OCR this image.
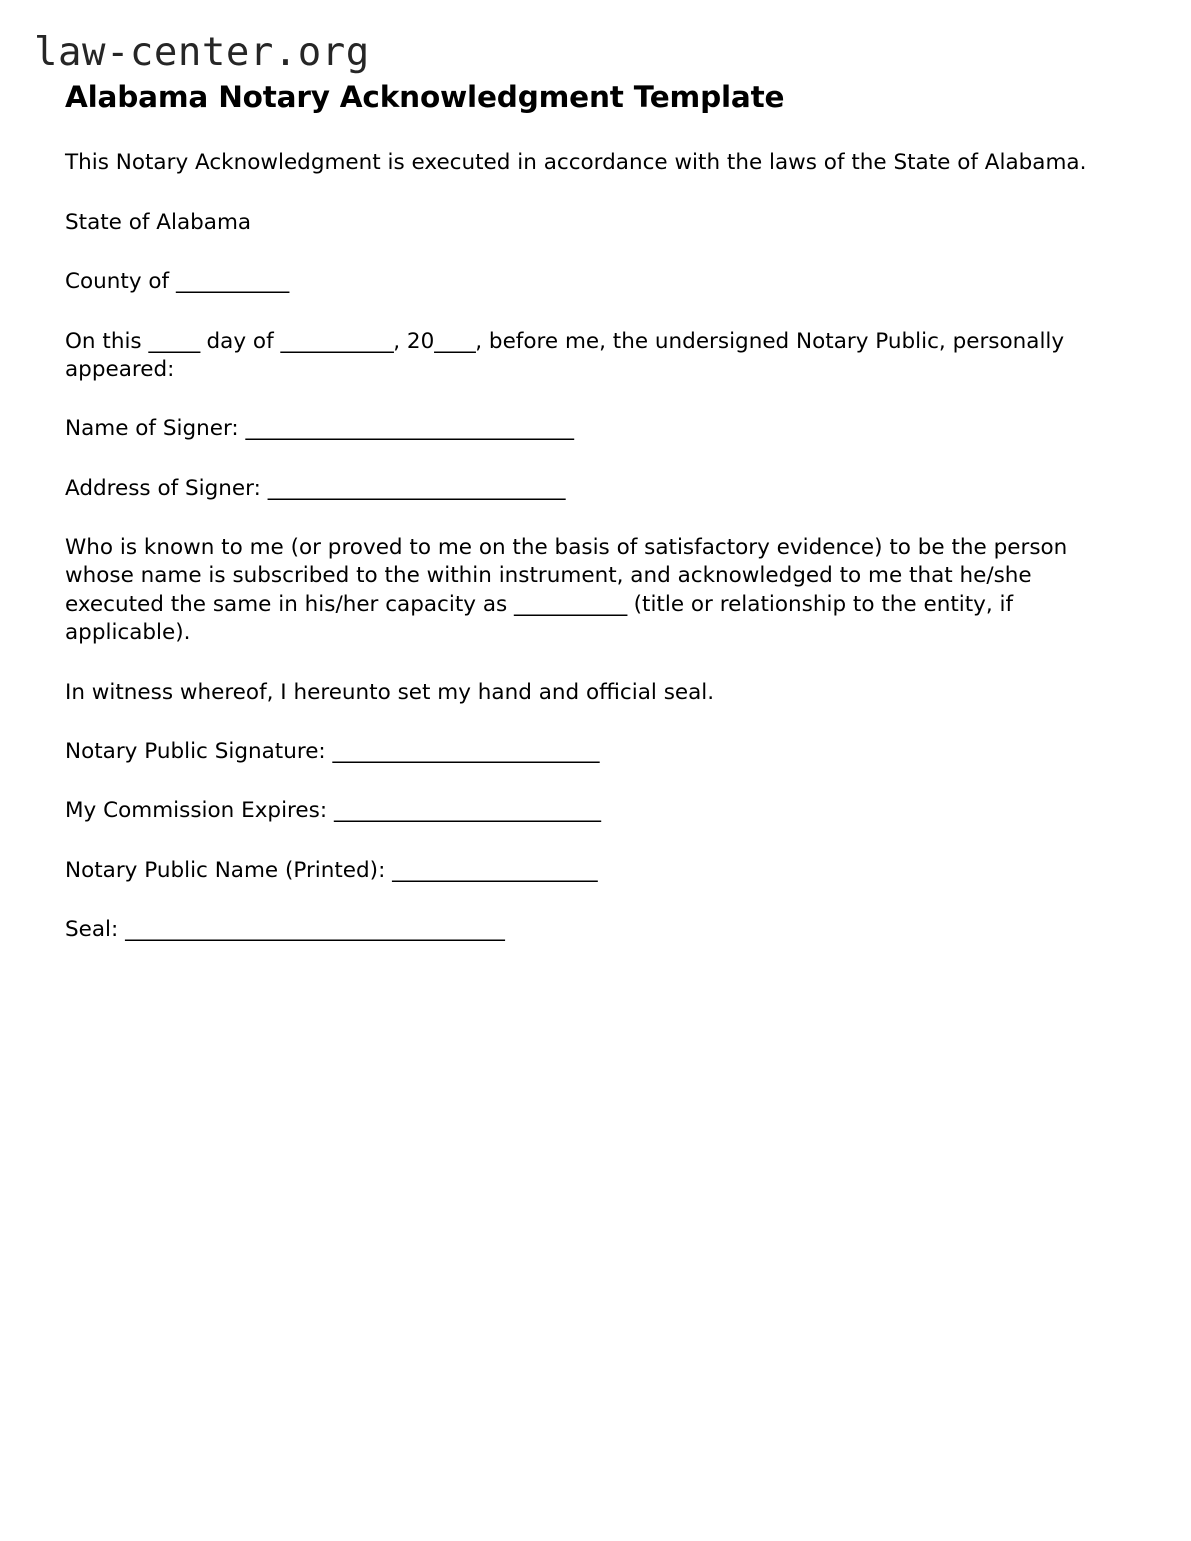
law-center.org
Alabama Notary Acknowledgment Template

This Notary Acknowledgment is executed in accordance with the laws of the State of Alabama.

State of Alabama

County of ___________

On this _____ day of ___________, 20____, before me, the undersigned Notary Public, personally appeared:

Name of Signer: ________________________________

Address of Signer: _____________________________

Who is known to me (or proved to me on the basis of satisfactory evidence) to be the person whose name is subscribed to the within instrument, and acknowledged to me that he/she executed the same in his/her capacity as ___________ (title or relationship to the entity, if applicable).

In witness whereof, I hereunto set my hand and official seal.

Notary Public Signature: __________________________

My Commission Expires: __________________________

Notary Public Name (Printed): ____________________

Seal: _____________________________________
